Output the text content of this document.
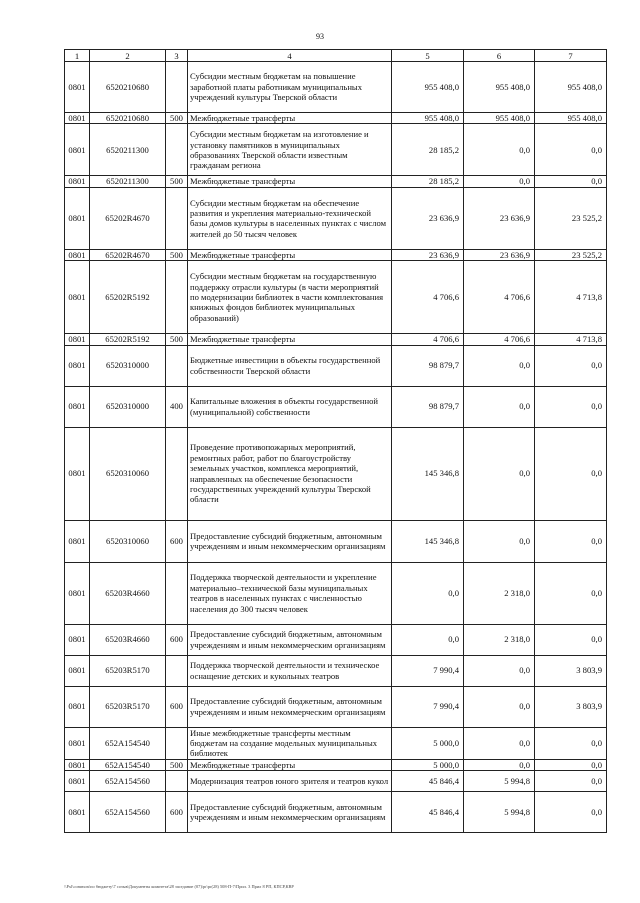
93
1	2	3	4	5	6	7
0801	6520210680		Субсидии местным бюджетам на повышение заработной платы работникам муниципальных учреждений культуры Тверской области	955 408,0	955 408,0	955 408,0
0801	6520210680	500	Межбюджетные трансферты	955 408,0	955 408,0	955 408,0
0801	6520211300		Субсидии местным бюджетам на изготовление и установку памятников в муниципальных образованиях Тверской области известным гражданам региона	28 185,2	0,0	0,0
0801	6520211300	500	Межбюджетные трансферты	28 185,2	0,0	0,0
0801	65202R4670		Субсидии местным бюджетам на обеспечение развития и укрепления материально-технической базы домов культуры в населенных пунктах с числом жителей до 50 тысяч человек	23 636,9	23 636,9	23 525,2
0801	65202R4670	500	Межбюджетные трансферты	23 636,9	23 636,9	23 525,2
0801	65202R5192		Субсидии местным бюджетам на государственную поддержку отрасли культуры (в части мероприятий по модернизации библиотек в части комплектования книжных фондов библиотек муниципальных образований)	4 706,6	4 706,6	4 713,8
0801	65202R5192	500	Межбюджетные трансферты	4 706,6	4 706,6	4 713,8
0801	6520310000		Бюджетные инвестиции в объекты государственной собственности Тверской области	98 879,7	0,0	0,0
0801	6520310000	400	Капитальные вложения в объекты государственной (муниципальной) собственности	98 879,7	0,0	0,0
0801	6520310060		Проведение противопожарных мероприятий, ремонтных работ, работ по благоустройству земельных участков, комплекса мероприятий, направленных на обеспечение безопасности государственных учреждений культуры Тверской области	145 346,8	0,0	0,0
0801	6520310060	600	Предоставление субсидий бюджетным, автономным учреждениям и иным некоммерческим организациям	145 346,8	0,0	0,0
0801	65203R4660		Поддержка творческой деятельности и укрепление материально–технической базы муниципальных театров в населенных пунктах с численностью населения до 300 тысяч человек	0,0	2 318,0	0,0
0801	65203R4660	600	Предоставление субсидий бюджетным, автономным учреждениям и иным некоммерческим организациям	0,0	2 318,0	0,0
0801	65203R5170		Поддержка творческой деятельности и техническое оснащение детских и кукольных театров	7 990,4	0,0	3 803,9
0801	65203R5170	600	Предоставление субсидий бюджетным, автономным учреждениям и иным некоммерческим организациям	7 990,4	0,0	3 803,9
0801	652A154540		Иные межбюджетные трансферты местным бюджетам на создание модельных муниципальных библиотек	5 000,0	0,0	0,0
0801	652A154540	500	Межбюджетные трансферты	5 000,0	0,0	0,0
0801	652A154560		Модернизация театров юного зрителя и театров кукол	45 846,4	5 994,8	0,0
0801	652A154560	600	Предоставление субсидий бюджетным, автономным учреждениям и иным некоммерческим организациям	45 846,4	5 994,8	0,0
\\Pxl\common\по бюджету\7 созыв\Документы комитета\28 заседание (07)\pr\pr(28) 508-П-7\Прил. 3 Прил 8 РП, КПСР,КВР
